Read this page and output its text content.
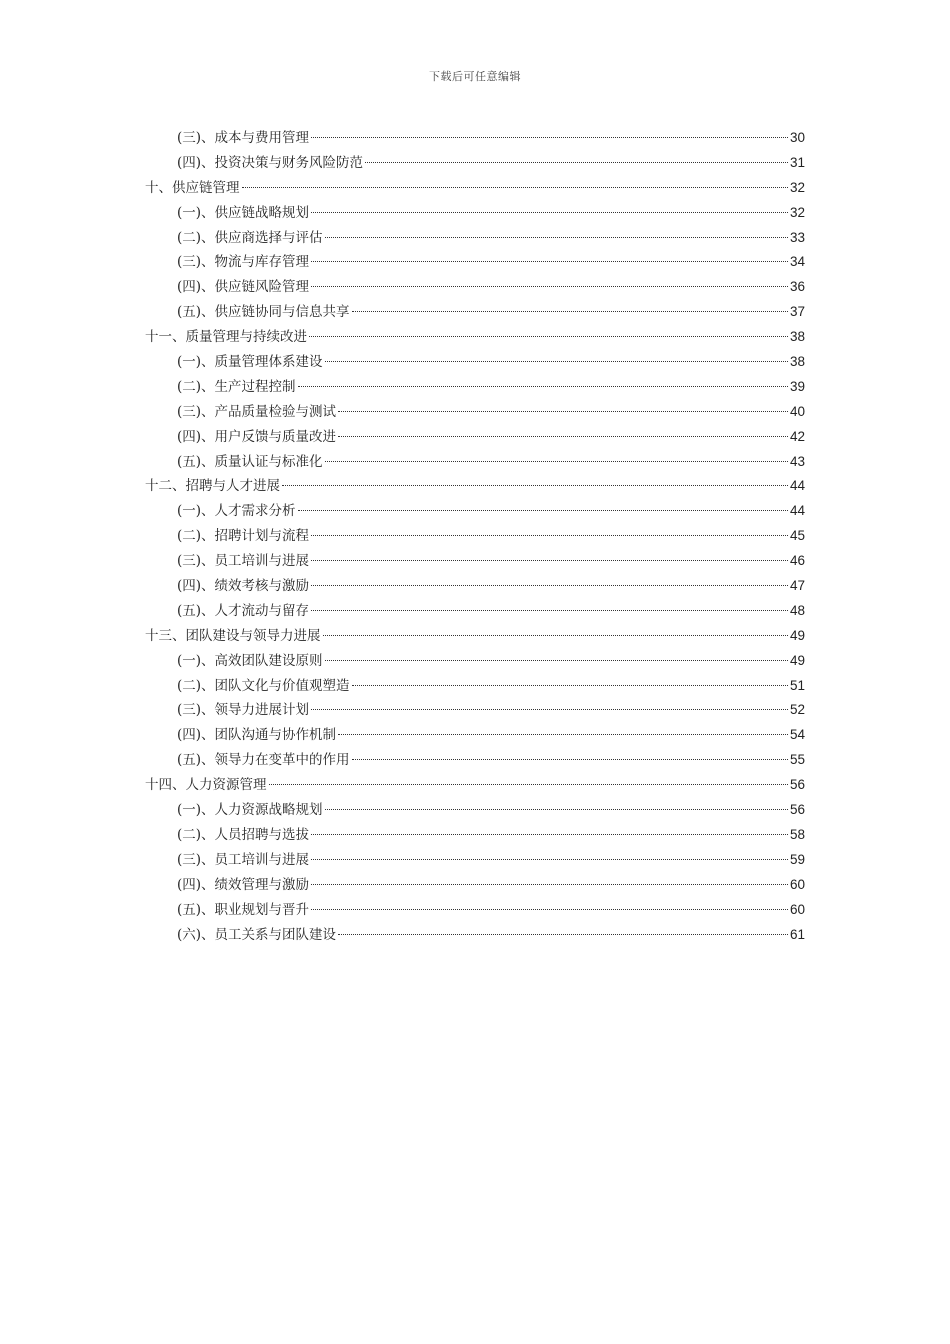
下载后可任意编辑
(三)、成本与费用管理	30
(四)、投资决策与财务风险防范	31
十、供应链管理	32
(一)、供应链战略规划	32
(二)、供应商选择与评估	33
(三)、物流与库存管理	34
(四)、供应链风险管理	36
(五)、供应链协同与信息共享	37
十一、质量管理与持续改进	38
(一)、质量管理体系建设	38
(二)、生产过程控制	39
(三)、产品质量检验与测试	40
(四)、用户反馈与质量改进	42
(五)、质量认证与标准化	43
十二、招聘与人才进展	44
(一)、人才需求分析	44
(二)、招聘计划与流程	45
(三)、员工培训与进展	46
(四)、绩效考核与激励	47
(五)、人才流动与留存	48
十三、团队建设与领导力进展	49
(一)、高效团队建设原则	49
(二)、团队文化与价值观塑造	51
(三)、领导力进展计划	52
(四)、团队沟通与协作机制	54
(五)、领导力在变革中的作用	55
十四、人力资源管理	56
(一)、人力资源战略规划	56
(二)、人员招聘与选拔	58
(三)、员工培训与进展	59
(四)、绩效管理与激励	60
(五)、职业规划与晋升	60
(六)、员工关系与团队建设	61
